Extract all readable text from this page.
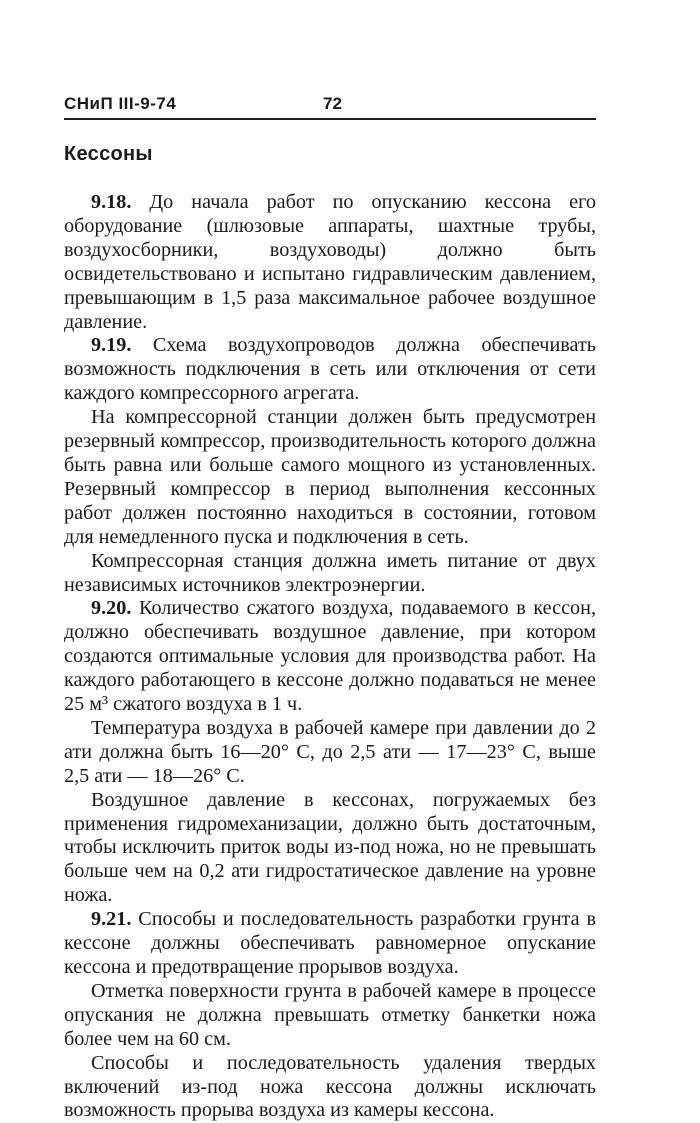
СНиП III-9-74	72
Кессоны

9.18. До начала работ по опусканию кессона его оборудование (шлюзовые аппараты, шахтные трубы, воздухосборники, воздуховоды) должно быть освидетельствовано и испытано гидравлическим давлением, превышающим в 1,5 раза максимальное рабочее воздушное давление.

9.19. Схема воздухопроводов должна обеспечивать возможность подключения в сеть или отключения от сети каждого компрессорного агрегата.

На компрессорной станции должен быть предусмотрен резервный компрессор, производительность которого должна быть равна или больше самого мощного из установленных. Резервный компрессор в период выполнения кессонных работ должен постоянно находиться в состоянии, готовом для немедленного пуска и подключения в сеть.

Компрессорная станция должна иметь питание от двух независимых источников электроэнергии.

9.20. Количество сжатого воздуха, подаваемого в кессон, должно обеспечивать воздушное давление, при котором создаются оптимальные условия для производства работ. На каждого работающего в кессоне должно подаваться не менее 25 м³ сжатого воздуха в 1 ч.

Температура воздуха в рабочей камере при давлении до 2 ати должна быть 16—20° С, до 2,5 ати — 17—23° С, выше 2,5 ати — 18—26° С.

Воздушное давление в кессонах, погружаемых без применения гидромеханизации, должно быть достаточным, чтобы исключить приток воды из-под ножа, но не превышать больше чем на 0,2 ати гидростатическое давление на уровне ножа.

9.21. Способы и последовательность разработки грунта в кессоне должны обеспечивать равномерное опускание кессона и предотвращение прорывов воздуха.

Отметка поверхности грунта в рабочей камере в процессе опускания не должна превышать отметку банкетки ножа более чем на 60 см.

Способы и последовательность удаления твердых включений из-под ножа кессона должны исключать возможность прорыва воздуха из камеры кессона.
